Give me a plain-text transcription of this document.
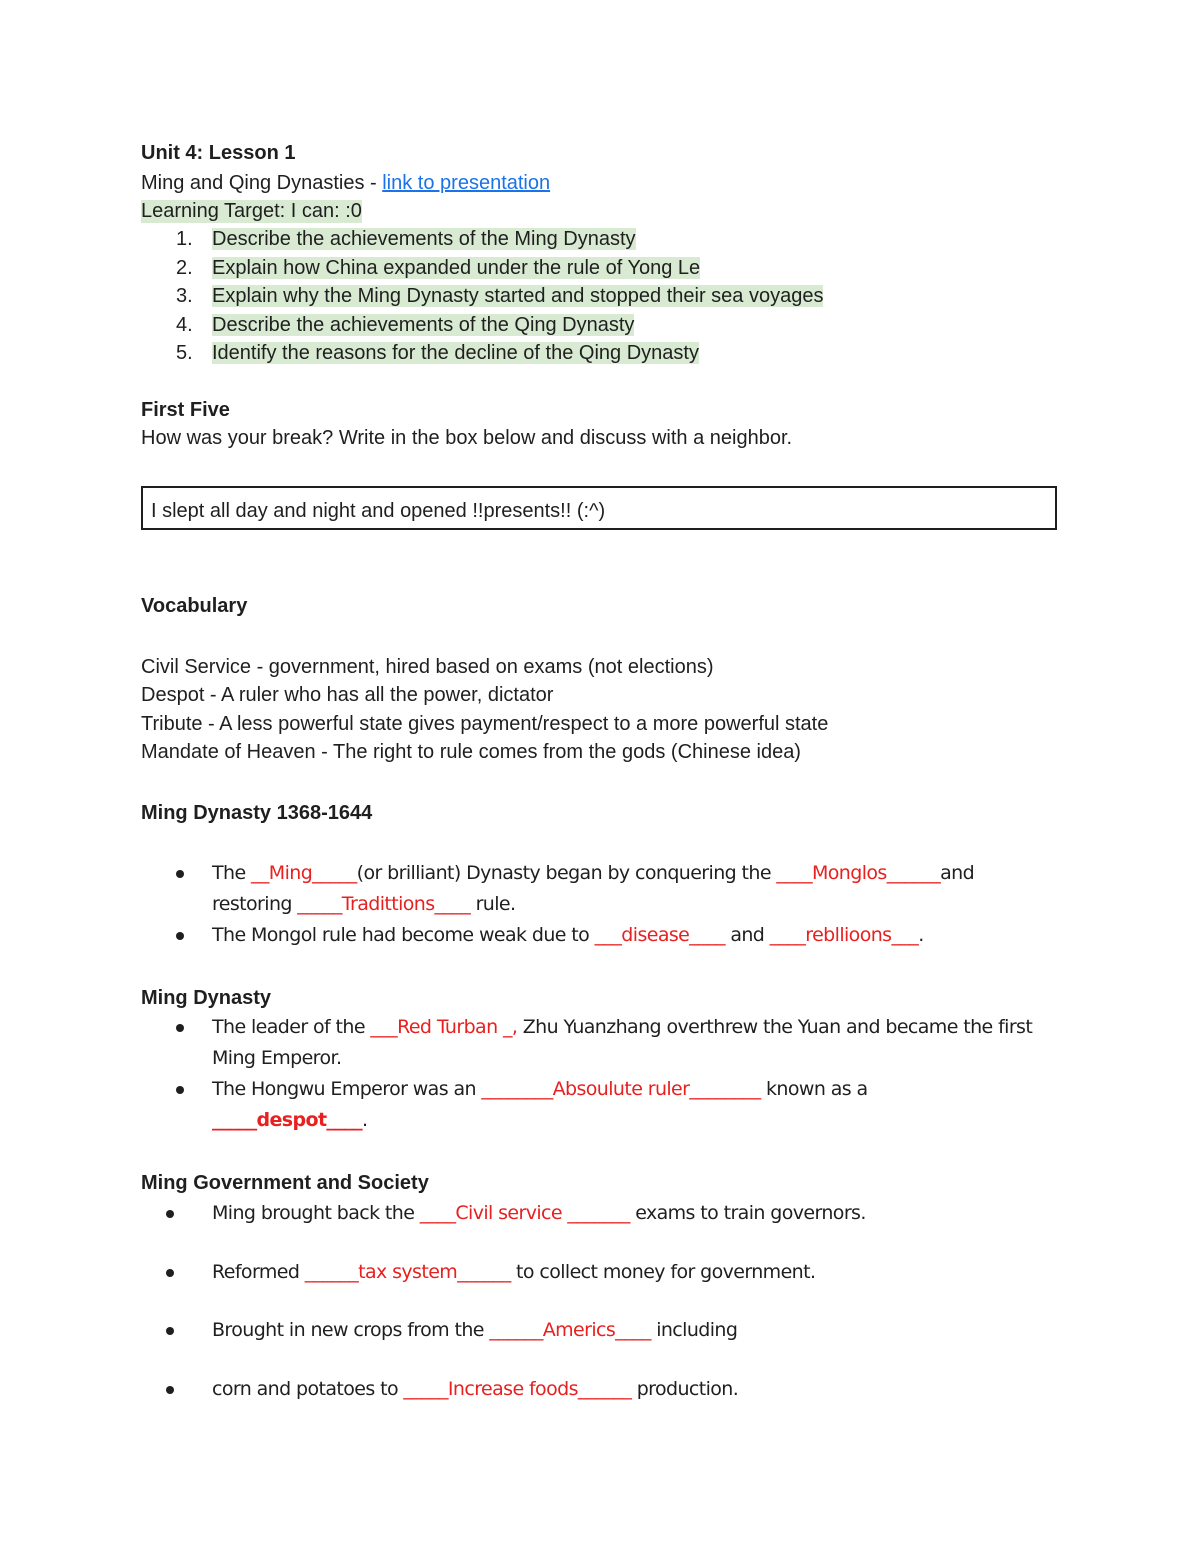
Unit 4: Lesson 1
Ming and Qing Dynasties - link to presentation
Learning Target: I can: :0
1. Describe the achievements of the Ming Dynasty
2. Explain how China expanded under the rule of Yong Le
3. Explain why the Ming Dynasty started and stopped their sea voyages
4. Describe the achievements of the Qing Dynasty
5. Identify the reasons for the decline of the Qing Dynasty
First Five
How was your break? Write in the box below and discuss with a neighbor.
I slept all day and night and opened !!presents!! (:^)
Vocabulary
Civil Service - government, hired based on exams (not elections)
Despot - A ruler who has all the power, dictator
Tribute - A less powerful state gives payment/respect to a more powerful state
Mandate of Heaven - The right to rule comes from the gods (Chinese idea)
Ming Dynasty 1368-1644
The __Ming_____(or brilliant) Dynasty began by conquering the ____Monglos______and
restoring _____Tradittions____ rule.
The Mongol rule had become weak due to ___disease____ and ____rebllioons___.
Ming Dynasty
The leader of the ___Red Turban _, Zhu Yuanzhang overthrew the Yuan and became the first
Ming Emperor.
The Hongwu Emperor was an ________Absoulute ruler________ known as a
_____despot____.
Ming Government and Society
Ming brought back the ____Civil service _______ exams to train governors.
Reformed ______tax system______ to collect money for government.
Brought in new crops from the ______Americs____ including
corn and potatoes to _____Increase foods______ production.
